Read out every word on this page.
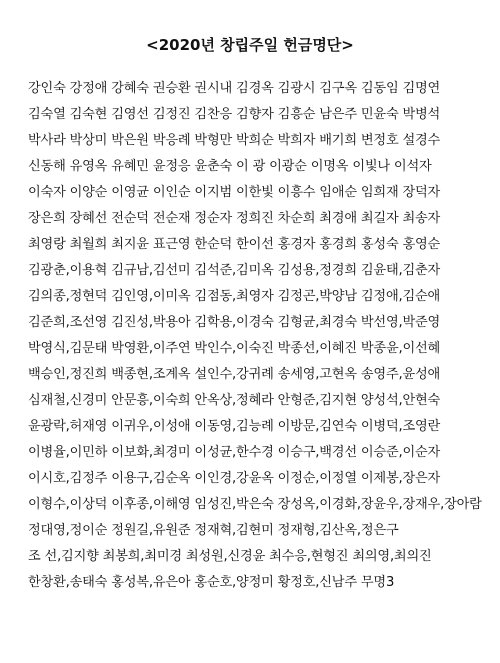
<2020년 창립주일 헌금명단>
강인숙 강정애 강혜숙 권승환 권시내 김경옥 김광시 김구옥 김동임 김명연
김숙열 김숙현 김영선 김정진 김찬응 김향자 김흥순 남은주 민윤숙 박병석
박사라 박상미 박은원 박응례 박형만 박희순 박희자 배기희 변정호 설경수
신동해 유영옥 유혜민 윤정응 윤춘숙 이 광 이광순 이명옥 이빛나 이석자
이숙자 이양순 이영균 이인순 이지범 이한빛 이흥수 임애순 임희재 장덕자
장은희 장혜선 전순덕 전순재 정순자 정희진 차순희 최경애 최길자 최송자
최영랑 최월희 최지윤 표근영 한순덕 한이선 홍경자 홍경희 홍성숙 홍영순
김광춘,이용혁 김규남,김선미 김석준,김미옥 김성용,정경희 김윤태,김춘자
김의종,정현덕 김인영,이미옥 김점동,최영자 김정곤,박양남 김정애,김순애
김준희,조선영 김진성,박용아 김학용,이경숙 김형균,최경숙 박선영,박준영
박영식,김문태 박영환,이주연 박인수,이숙진 박종선,이혜진 박종윤,이선혜
백승인,정진희 백종현,조계옥 설인수,강귀례 송세영,고현옥 송영주,윤성애
심재철,신경미 안문흥,이숙희 안옥상,정혜라 안형준,김지현 양성석,안현숙
윤광락,허재영 이귀우,이성애 이동영,김능례 이방문,김연숙 이병덕,조영란
이병율,이민하 이보화,최경미 이성균,한수경 이승구,백경선 이승준,이순자
이시호,김정주 이용구,김순옥 이인경,강윤옥 이정순,이정열 이제봉,장은자
이형수,이상덕 이후종,이해영 임성진,박은숙 장성옥,이경화,장윤우,장재우,장아람
정대영,정이순 정원길,유원준 정재혁,김현미 정재형,김산옥,정은구
조 선,김지향 최봉희,최미경 최성원,신경윤 최수응,현형진 최의영,최의진
한창환,송태숙 홍성복,유은아 홍순호,양정미 황정호,신남주 무명3
